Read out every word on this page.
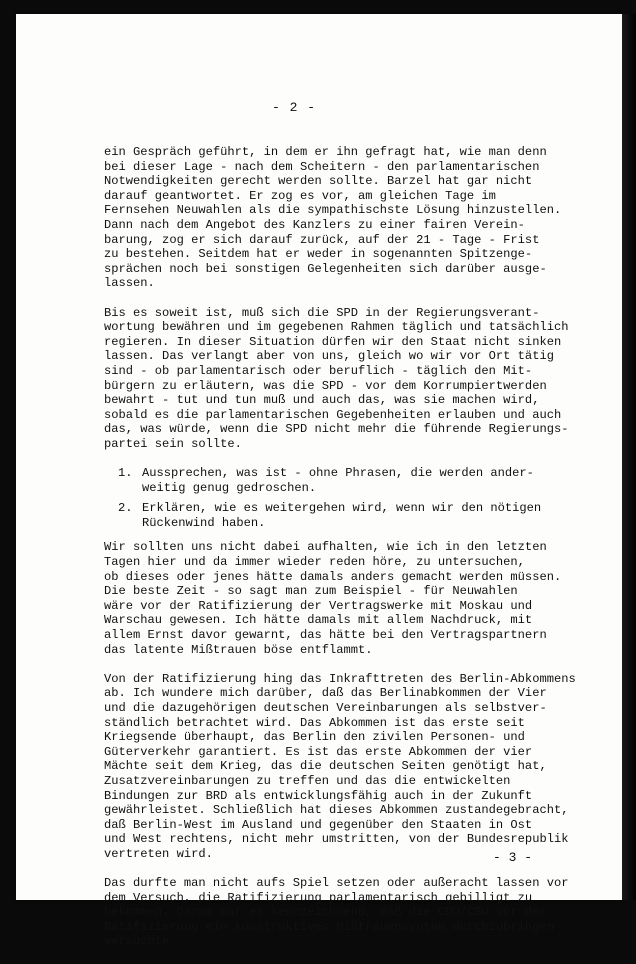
- 2 -
ein Gespräch geführt, in dem er ihn gefragt hat, wie man denn
bei dieser Lage - nach dem Scheitern - den parlamentarischen
Notwendigkeiten gerecht werden sollte. Barzel hat gar nicht
darauf geantwortet. Er zog es vor, am gleichen Tage im
Fernsehen Neuwahlen als die sympathischste Lösung hinzustellen.
Dann nach dem Angebot des Kanzlers zu einer fairen Verein-
barung, zog er sich darauf zurück, auf der 21 - Tage - Frist
zu bestehen. Seitdem hat er weder in sogenannten Spitzenge-
sprächen noch bei sonstigen Gelegenheiten sich darüber ausge-
lassen.
Bis es soweit ist, muß sich die SPD in der Regierungsverant-
wortung bewähren und im gegebenen Rahmen täglich und tatsächlich
regieren. In dieser Situation dürfen wir den Staat nicht sinken
lassen. Das verlangt aber von uns, gleich wo wir vor Ort tätig
sind - ob parlamentarisch oder beruflich - täglich den Mit-
bürgern zu erläutern, was die SPD - vor dem Korrumpiertwerden
bewahrt - tut und tun muß und auch das, was sie machen wird,
sobald es die parlamentarischen Gegebenheiten erlauben und auch
das, was würde, wenn die SPD nicht mehr die führende Regierungs-
partei sein sollte.
1. Aussprechen, was ist - ohne Phrasen, die werden ander-
weitig genug gedroschen.
2. Erklären, wie es weitergehen wird, wenn wir den nötigen
Rückenwind haben.
Wir sollten uns nicht dabei aufhalten, wie ich in den letzten
Tagen hier und da immer wieder reden höre, zu untersuchen,
ob dieses oder jenes hätte damals anders gemacht werden müssen.
Die beste Zeit - so sagt man zum Beispiel - für Neuwahlen
wäre vor der Ratifizierung der Vertragswerke mit Moskau und
Warschau gewesen. Ich hätte damals mit allem Nachdruck, mit
allem Ernst davor gewarnt, das hätte bei den Vertragspartnern
das latente Mißtrauen böse entflammt.
Von der Ratifizierung hing das Inkrafttreten des Berlin-Abkommens
ab. Ich wundere mich darüber, daß das Berlinabkommen der Vier
und die dazugehörigen deutschen Vereinbarungen als selbstver-
ständlich betrachtet wird. Das Abkommen ist das erste seit
Kriegsende überhaupt, das Berlin den zivilen Personen- und
Güterverkehr garantiert. Es ist das erste Abkommen der vier
Mächte seit dem Krieg, das die deutschen Seiten genötigt hat,
Zusatzvereinbarungen zu treffen und das die entwickelten
Bindungen zur BRD als entwicklungsfähig auch in der Zukunft
gewährleistet. Schließlich hat dieses Abkommen zustandegebracht,
daß Berlin-West im Ausland und gegenüber den Staaten in Ost
und West rechtens, nicht mehr umstritten, von der Bundesrepublik
vertreten wird.
Das durfte man nicht aufs Spiel setzen oder außeracht lassen vor
dem Versuch, die Ratifizierung parlamentarisch gebilligt zu
bekommen. Darum war es kennzeichnend, daß die CDU/CSU vor der
Ratifizierung ein konstruktives Mißtrauensvotum durchzubringen
versuchte.
- 3 -
